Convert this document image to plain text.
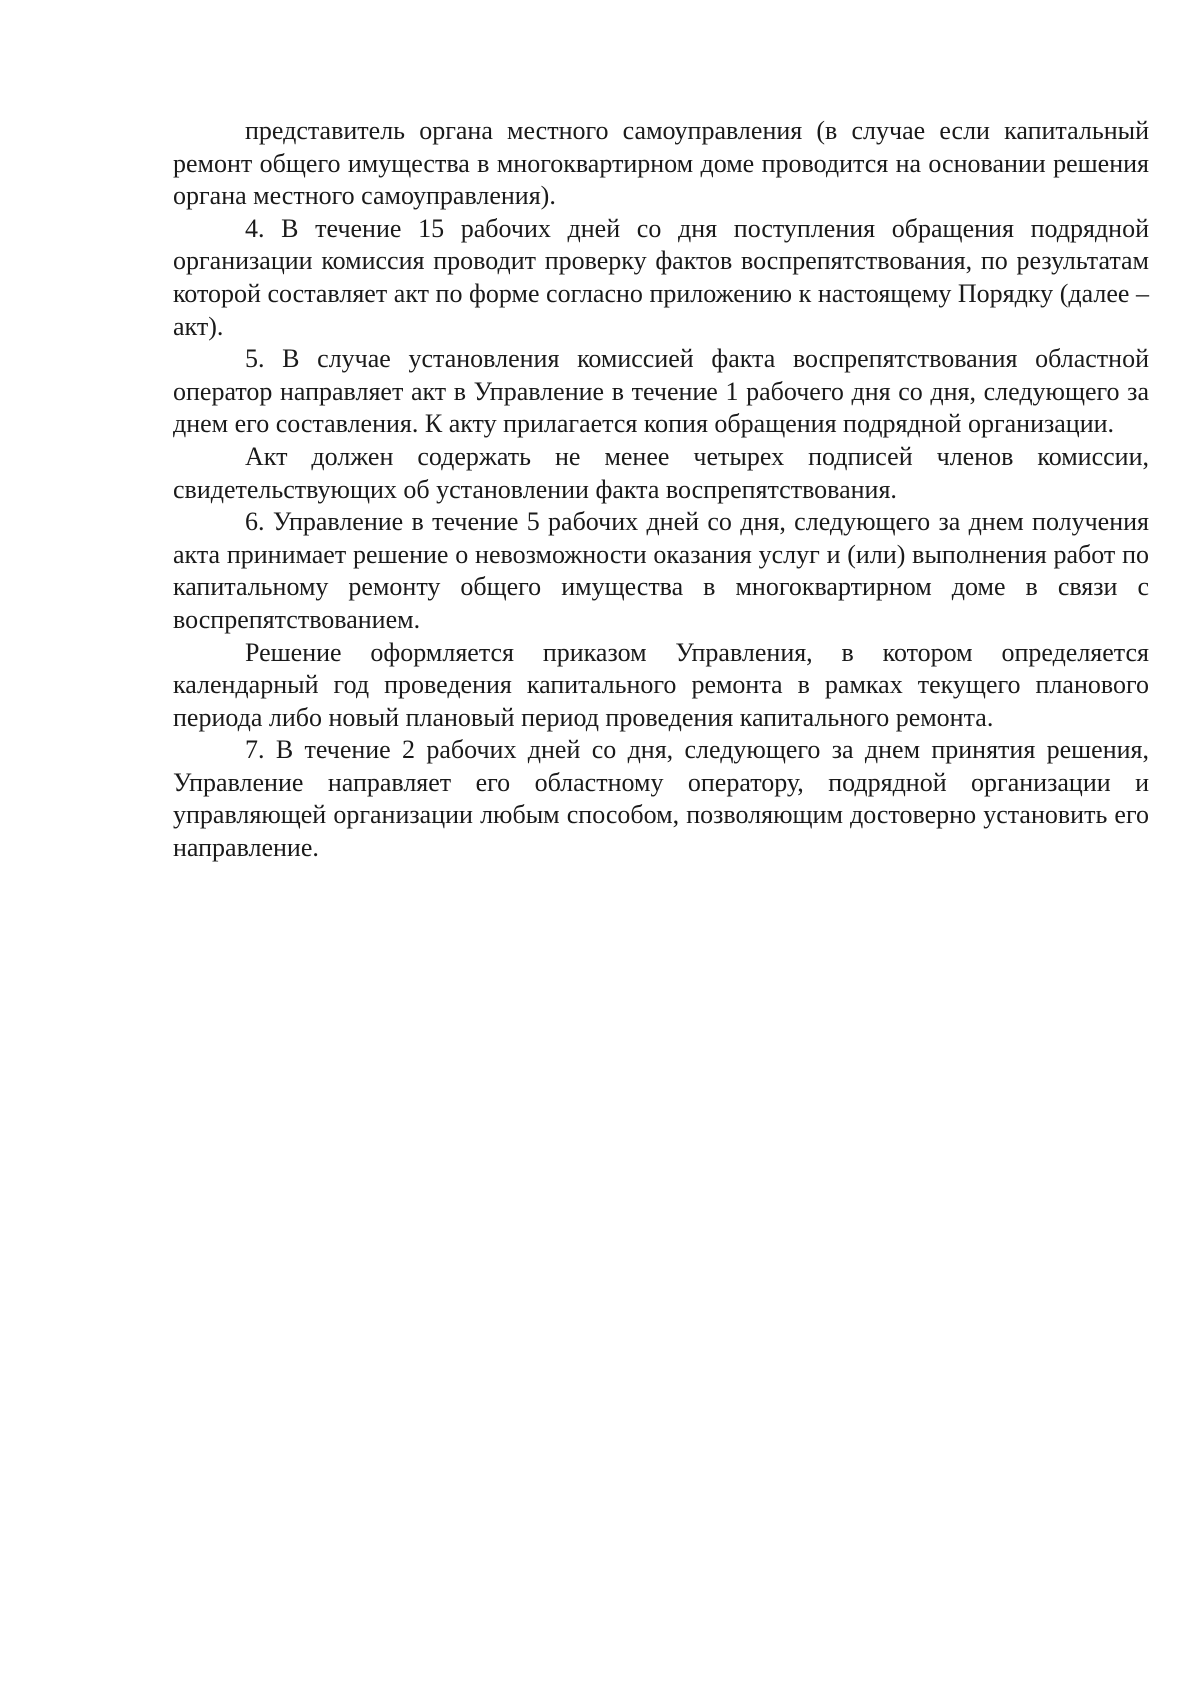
представитель органа местного самоуправления (в случае если капитальный ремонт общего имущества в многоквартирном доме проводится на основании решения органа местного самоуправления).

4. В течение 15 рабочих дней со дня поступления обращения подрядной организации комиссия проводит проверку фактов воспрепятствования, по результатам которой составляет акт по форме согласно приложению к настоящему Порядку (далее – акт).

5. В случае установления комиссией факта воспрепятствования областной оператор направляет акт в Управление в течение 1 рабочего дня со дня, следующего за днем его составления. К акту прилагается копия обращения подрядной организации.

Акт должен содержать не менее четырех подписей членов комиссии, свидетельствующих об установлении факта воспрепятствования.

6. Управление в течение 5 рабочих дней со дня, следующего за днем получения акта принимает решение о невозможности оказания услуг и (или) выполнения работ по капитальному ремонту общего имущества в многоквартирном доме в связи с воспрепятствованием.

Решение оформляется приказом Управления, в котором определяется календарный год проведения капитального ремонта в рамках текущего планового периода либо новый плановый период проведения капитального ремонта.

7. В течение 2 рабочих дней со дня, следующего за днем принятия решения, Управление направляет его областному оператору, подрядной организации и управляющей организации любым способом, позволяющим достоверно установить его направление.
